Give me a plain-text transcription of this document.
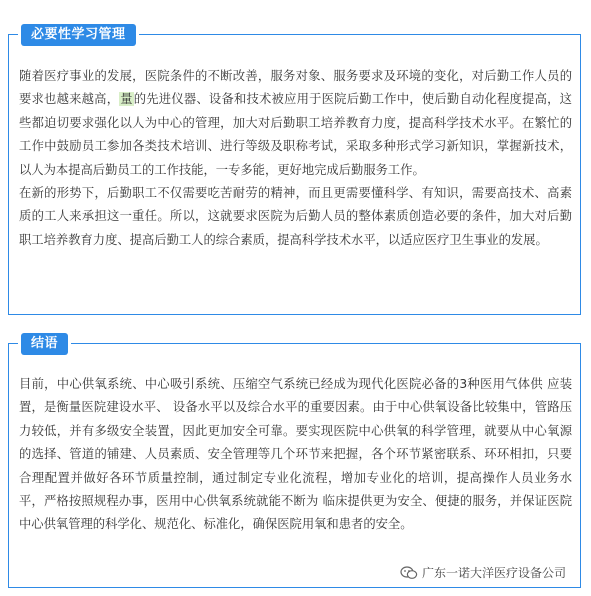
必要性学习管理

随着医疗事业的发展，医院条件的不断改善，服务对象、服务要求及环境的变化，对后勤工作人员的要求也越来越高，量的先进仪器、设备和技术被应用于医院后勤工作中，使后勤自动化程度提高，这些都迫切要求强化以人为中心的管理，加大对后勤职工培养教育力度，提高科学技术水平。在繁忙的工作中鼓励员工参加各类技术培训、进行等级及职称考试，采取多种形式学习新知识，掌握新技术，以人为本提高后勤员工的工作技能，一专多能，更好地完成后勤服务工作。

在新的形势下，后勤职工不仅需要吃苦耐劳的精神，而且更需要懂科学、有知识，需要高技术、高素质的工人来承担这一重任。所以，这就要求医院为后勤人员的整体素质创造必要的条件，加大对后勤职工培养教育力度、提高后勤工人的综合素质，提高科学技术水平，以适应医疗卫生事业的发展。

结语

目前，中心供氧系统、中心吸引系统、压缩空气系统已经成为现代化医院必备的3种医用气体供 应装置，是衡量医院建设水平、 设备水平以及综合水平的重要因素。由于中心供氧设备比较集中，管路压力较低，并有多级安全装置，因此更加安全可靠。要实现医院中心供氧的科学管理，就要从中心氧源的选择、管道的铺建、人员素质、安全管理等几个环节来把握，各个环节紧密联系、环环相扣，只要合理配置并做好各环节质量控制，通过制定专业化流程，增加专业化的培训，提高操作人员业务水平，严格按照规程办事，医用中心供氧系统就能不断为 临床提供更为安全、便捷的服务，并保证医院中心供氧管理的科学化、规范化、标准化，确保医院用氧和患者的安全。

广东一诺大洋医疗设备公司
